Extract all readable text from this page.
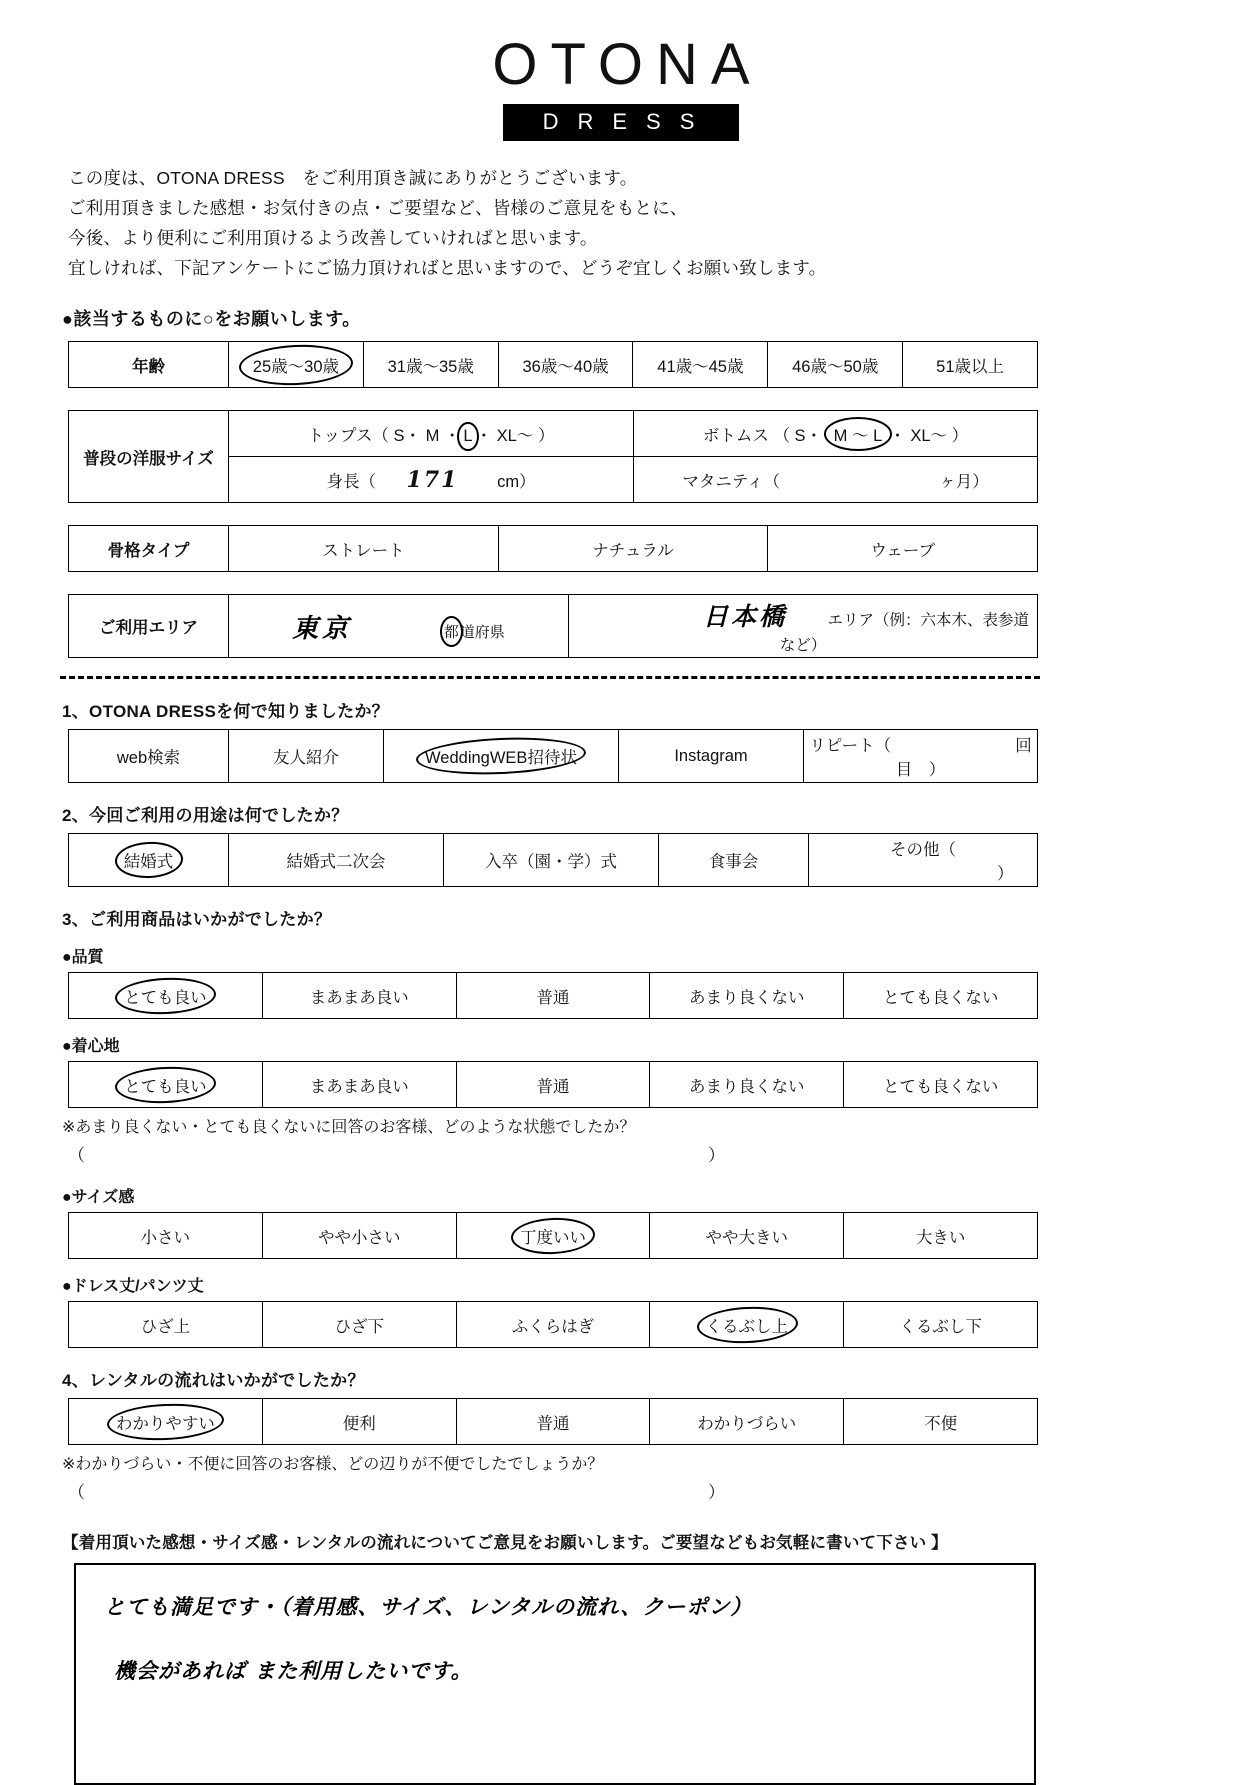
OTONA
DRESS
この度は、OTONA DRESS　をご利用頂き誠にありがとうございます。
ご利用頂きました感想・お気付きの点・ご要望など、皆様のご意見をもとに、
今後、より便利にご利用頂けるよう改善していければと思います。
宜しければ、下記アンケートにご協力頂ければと思いますので、どうぞ宜しくお願い致します。
●該当するものに○をお願いします。
年齢	25歳〜30歳	31歳〜35歳	36歳〜40歳	41歳〜45歳	46歳〜50歳	51歳以上
普段の洋服サイズ	トップス（ S・ M ・ L ・ XL〜 ）	ボトムス （ S・ M 〜 L ・ XL〜 ）
	身長（ 171 cm）	マタニティ（ ヶ月）
骨格タイプ	ストレート	ナチュラル	ウェーブ
ご利用エリア	東京	都道府県	日本橋	エリア（例：六本木、表参道など）
1、OTONA DRESSを何で知りましたか？
web検索	友人紹介	WeddingWEB招待状	Instagram	リピート（	回目　）
2、今回ご利用の用途は何でしたか？
結婚式	結婚式二次会	入卒（園・学）式	食事会	その他（  ）
3、ご利用商品はいかがでしたか？
●品質
とても良い	まあまあ良い	普通	あまり良くない	とても良くない
●着心地
とても良い	まあまあ良い	普通	あまり良くない	とても良くない
※あまり良くない・とても良くないに回答のお客様、どのような状態でしたか？
（	）
●サイズ感
小さい	やや小さい	丁度いい	やや大きい	大きい
●ドレス丈/パンツ丈
ひざ上	ひざ下	ふくらはぎ	くるぶし上	くるぶし下
4、レンタルの流れはいかがでしたか？
わかりやすい	便利	普通	わかりづらい	不便
※わかりづらい・不便に回答のお客様、どの辺りが不便でしたでしょうか？
（	）
【着用頂いた感想・サイズ感・レンタルの流れについてご意見をお願いします。ご要望などもお気軽に書いて下さい 】
とても満足です・（着用感、サイズ、レンタルの流れ、クーポン）
機会があれば また利用したいです。
